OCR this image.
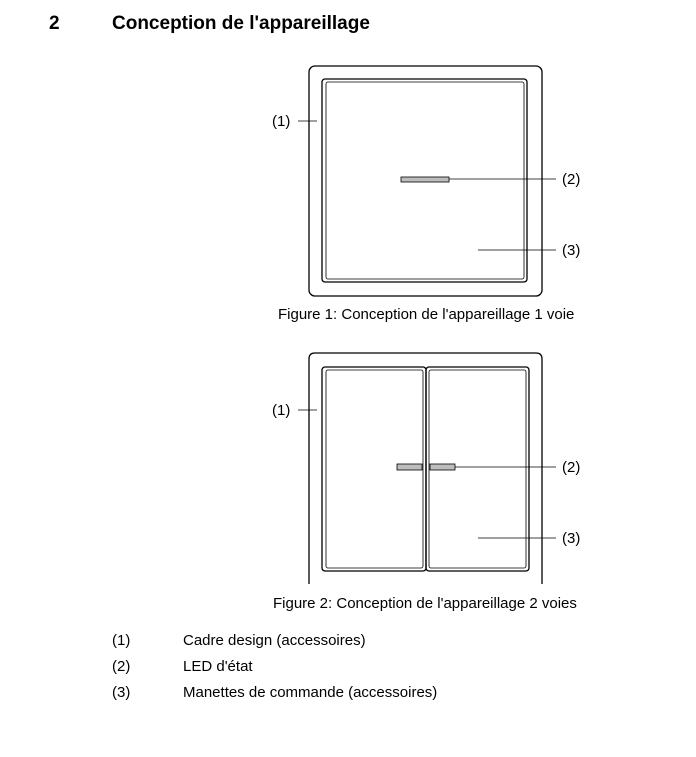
2	Conception de l'appareillage
(1)
(2)
(3)
Figure 1: Conception de l'appareillage 1 voie
(1)
(2)
(3)
Figure 2: Conception de l'appareillage 2 voies
(1)	Cadre design (accessoires)
(2)	LED d'état
(3)	Manettes de commande (accessoires)
